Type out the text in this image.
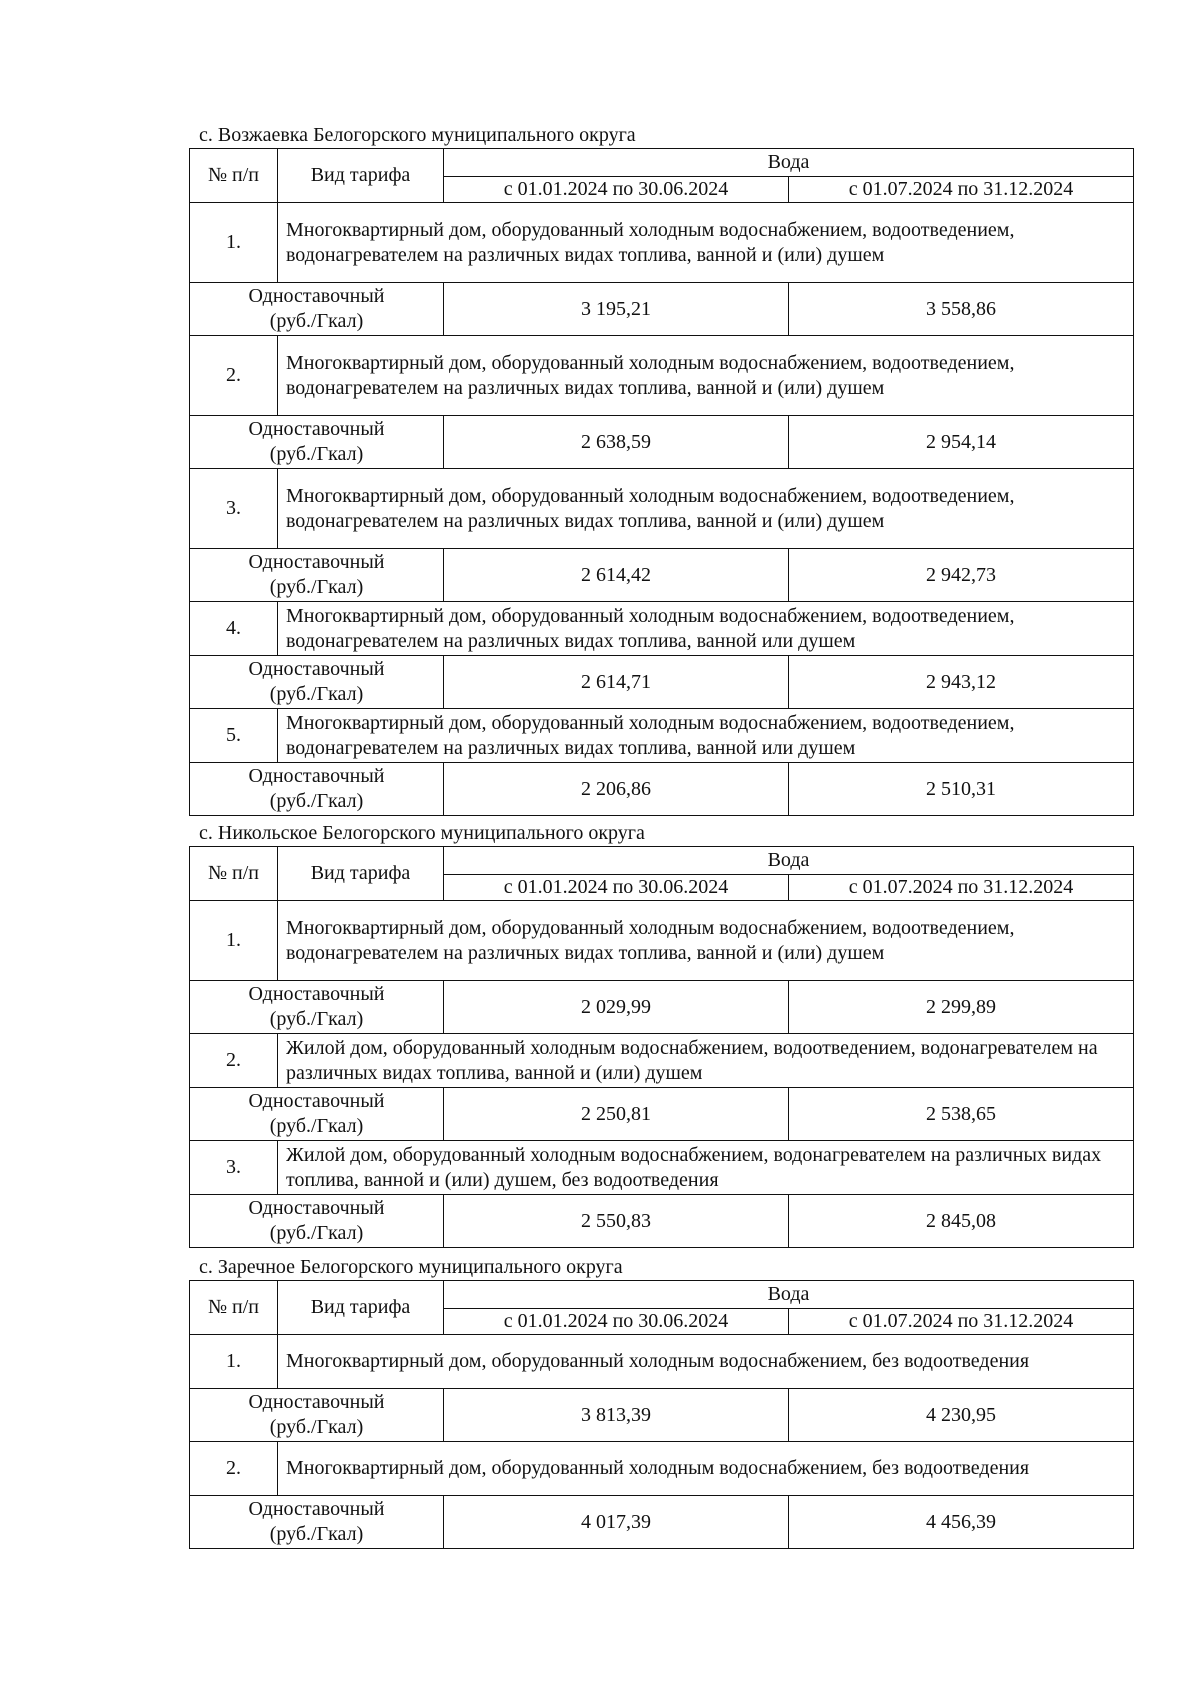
с. Возжаевка Белогорского муниципального округа
№ п/п	Вид тарифа	Вода	
		с 01.01.2024 по 30.06.2024	с 01.07.2024 по 31.12.2024
1.	Многоквартирный дом, оборудованный холодным водоснабжением, водоотведением, водонагревателем на различных видах топлива, ванной и (или) душем		
Одноставочный
(руб./Гкал)		3 195,21	3 558,86
2.	Многоквартирный дом, оборудованный холодным водоснабжением, водоотведением, водонагревателем на различных видах топлива, ванной и (или) душем		
Одноставочный
(руб./Гкал)		2 638,59	2 954,14
3.	Многоквартирный дом, оборудованный холодным водоснабжением, водоотведением, водонагревателем на различных видах топлива, ванной и (или) душем		
Одноставочный
(руб./Гкал)		2 614,42	2 942,73
4.	Многоквартирный дом, оборудованный холодным водоснабжением, водоотведением, водонагревателем на различных видах топлива, ванной или душем		
Одноставочный
(руб./Гкал)		2 614,71	2 943,12
5.	Многоквартирный дом, оборудованный холодным водоснабжением, водоотведением, водонагревателем на различных видах топлива, ванной или душем		
Одноставочный
(руб./Гкал)		2 206,86	2 510,31
с. Никольское Белогорского муниципального округа
№ п/п	Вид тарифа	Вода	
		с 01.01.2024 по 30.06.2024	с 01.07.2024 по 31.12.2024
1.	Многоквартирный дом, оборудованный холодным водоснабжением, водоотведением, водонагревателем на различных видах топлива, ванной и (или) душем		
Одноставочный
(руб./Гкал)		2 029,99	2 299,89
2.	Жилой дом, оборудованный холодным водоснабжением, водоотведением, водонагревателем на различных видах топлива, ванной и (или) душем		
Одноставочный
(руб./Гкал)		2 250,81	2 538,65
3.	Жилой дом, оборудованный холодным водоснабжением, водонагревателем на различных видах топлива, ванной и (или) душем, без водоотведения		
Одноставочный
(руб./Гкал)		2 550,83	2 845,08
с. Заречное Белогорского муниципального округа
№ п/п	Вид тарифа	Вода	
		с 01.01.2024 по 30.06.2024	с 01.07.2024 по 31.12.2024
1.	Многоквартирный дом, оборудованный холодным водоснабжением, без водоотведения		
Одноставочный
(руб./Гкал)		3 813,39	4 230,95
2.	Многоквартирный дом, оборудованный холодным водоснабжением, без водоотведения		
Одноставочный
(руб./Гкал)		4 017,39	4 456,39
